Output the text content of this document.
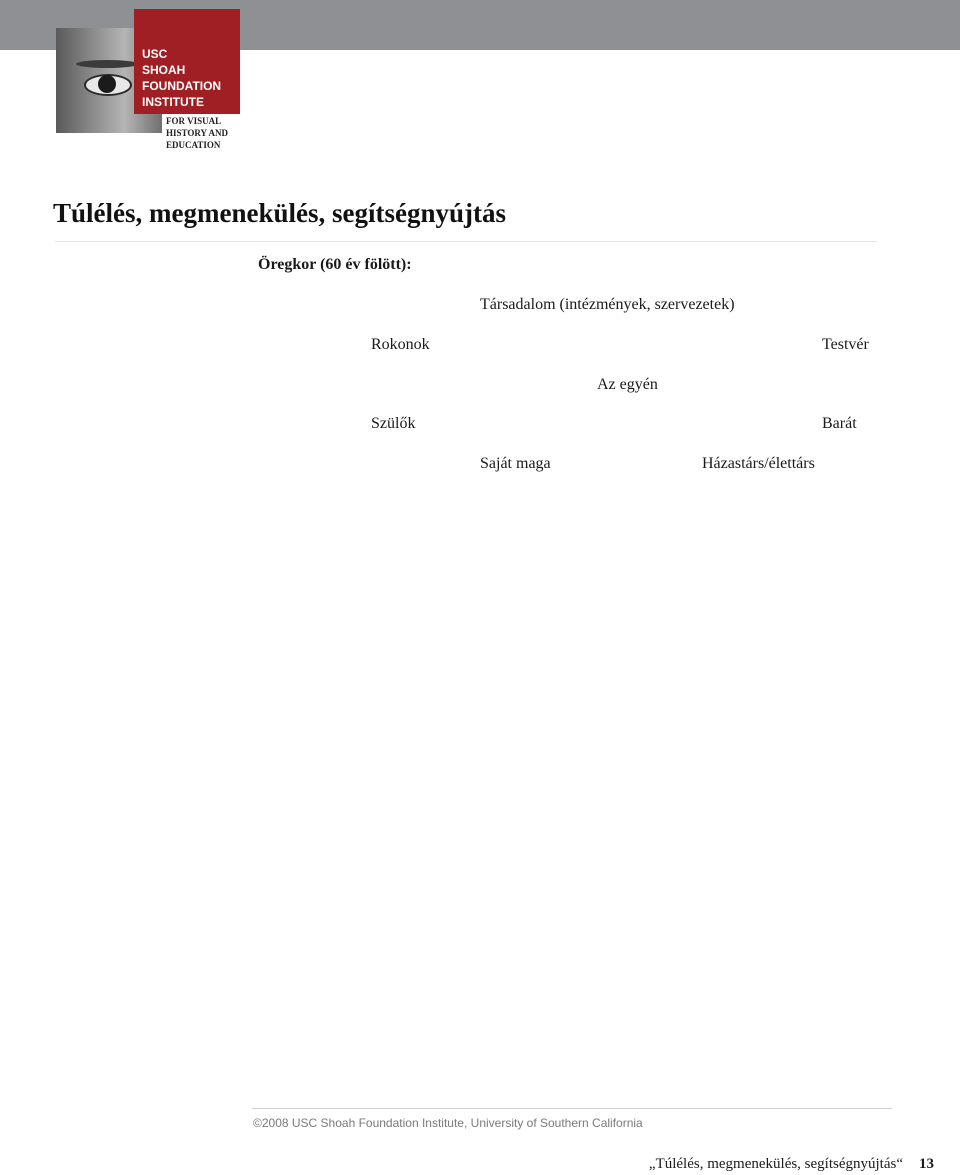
USC
SHOAH
FOUNDATION
INSTITUTE

FOR VISUAL
HISTORY AND
EDUCATION

Túlélés, megmenekülés, segítségnyújtás

Öregkor (60 év fölött):

Társadalom (intézmények, szervezetek)

Rokonok	Testvér

Az egyén

Szülők	Barát

Saját maga	Házastárs/élettárs

©2008 USC Shoah Foundation Institute, University of Southern California

„Túlélés, megmenekülés, segítségnyújtás“ 13
